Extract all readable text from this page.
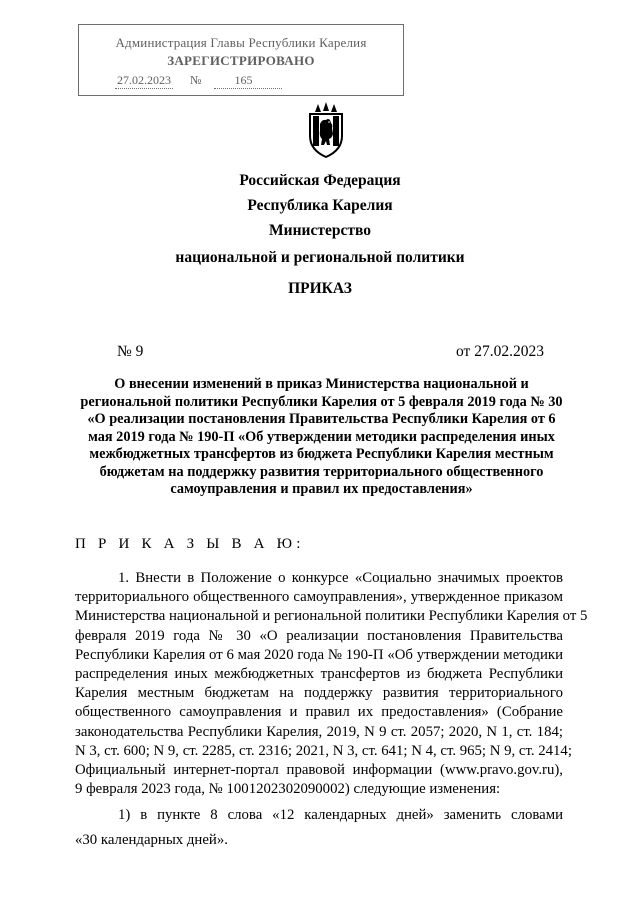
Администрация Главы Республики Карелия
ЗАРЕГИСТРИРОВАНО
27.02.2023 №	165
Российская Федерация
Республика Карелия
Министерство
национальной и региональной политики
ПРИКАЗ
№ 9	от 27.02.2023
О внесении изменений в приказ Министерства национальной и
региональной политики Республики Карелия от 5 февраля 2019 года № 30
«О реализации постановления Правительства Республики Карелия от 6
мая 2019 года № 190-П «Об утверждении методики распределения иных
межбюджетных трансфертов из бюджета Республики Карелия местным
бюджетам на поддержку развития территориального общественного
самоуправления и правил их предоставления»
П Р И К А З Ы В А Ю:
1. Внести в Положение о конкурсе «Социально значимых проектов
территориального общественного самоуправления», утвержденное приказом
Министерства национальной и региональной политики Республики Карелия от 5
февраля 2019 года № 30 «О реализации постановления Правительства
Республики Карелия от 6 мая 2020 года № 190-П «Об утверждении методики
распределения иных межбюджетных трансфертов из бюджета Республики
Карелия местным бюджетам на поддержку развития территориального
общественного самоуправления и правил их предоставления» (Собрание
законодательства Республики Карелия, 2019, N 9 ст. 2057; 2020, N 1, ст. 184;
N 3, ст. 600; N 9, ст. 2285, ст. 2316; 2021, N 3, ст. 641; N 4, ст. 965; N 9, ст. 2414;
Официальный интернет-портал правовой информации (www.pravo.gov.ru),
9 февраля 2023 года, № 1001202302090002) следующие изменения:
1) в пункте 8 слова «12 календарных дней» заменить словами
«30 календарных дней».
